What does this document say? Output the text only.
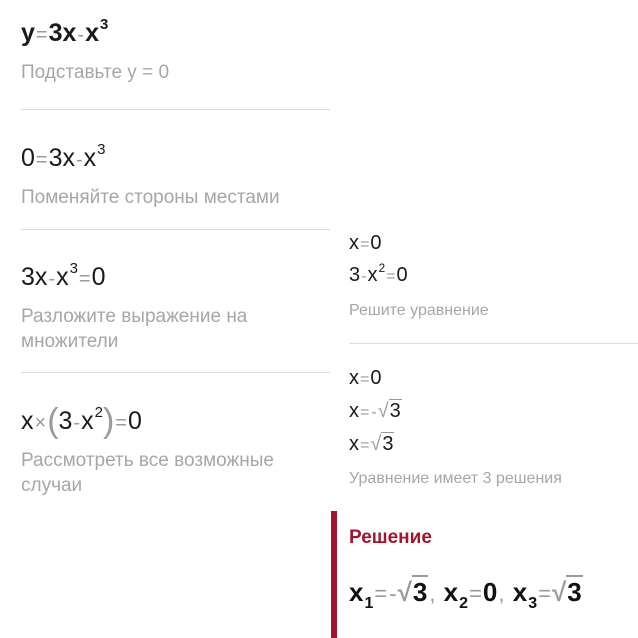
$y=3x-x^3$
Подставьте y = 0
$0=3x-x^3$
Поменяйте стороны местами
$3x-x^3=0$
Разложите выражение на множители
$x\times(3-x^2)=0$
Рассмотреть все возможные случаи
x=0
$3-x^2=0$
Решите уравнение
x=0
x= -√3
x=√3
Уравнение имеет 3 решения
Решение
$x_1=-√3$, $x_2=0$, $x_3=√3$
